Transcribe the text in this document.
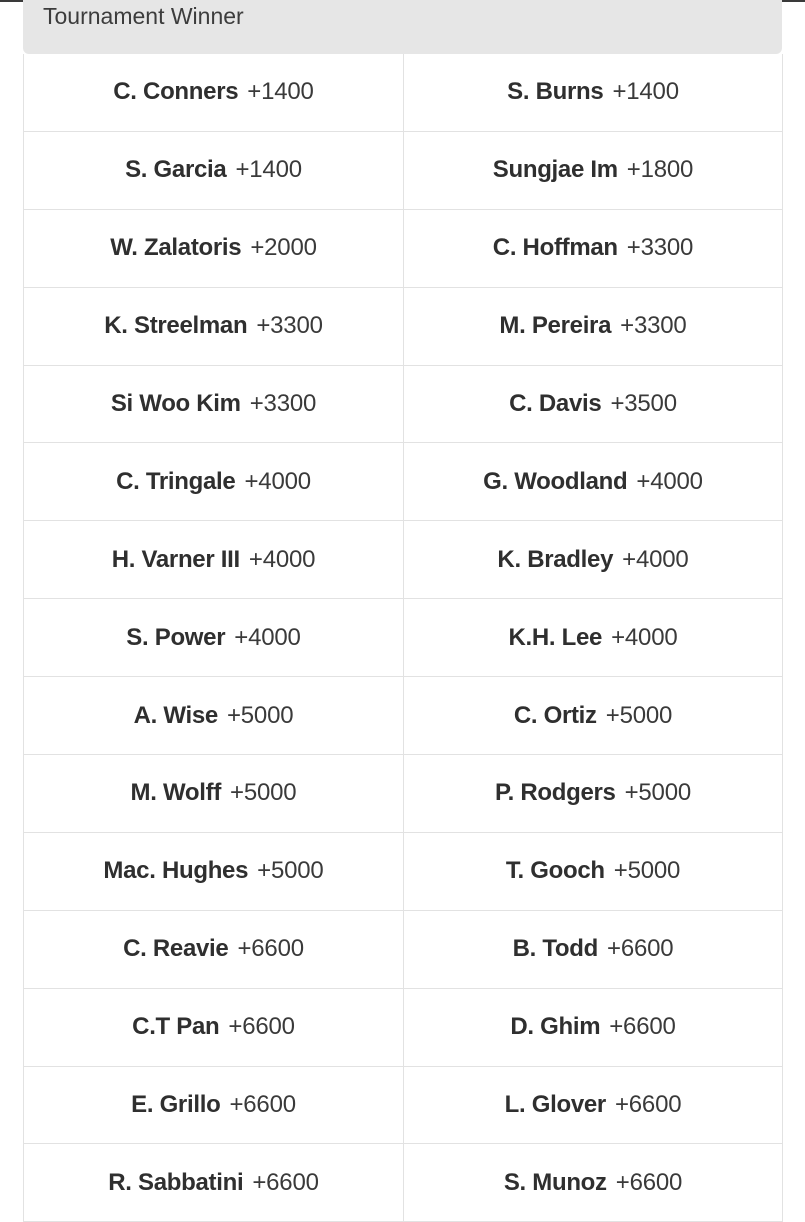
Tournament Winner
C. Conners +1400	S. Burns +1400
S. Garcia +1400	Sungjae Im +1800
W. Zalatoris +2000	C. Hoffman +3300
K. Streelman +3300	M. Pereira +3300
Si Woo Kim +3300	C. Davis +3500
C. Tringale +4000	G. Woodland +4000
H. Varner III +4000	K. Bradley +4000
S. Power +4000	K.H. Lee +4000
A. Wise +5000	C. Ortiz +5000
M. Wolff +5000	P. Rodgers +5000
Mac. Hughes +5000	T. Gooch +5000
C. Reavie +6600	B. Todd +6600
C.T Pan +6600	D. Ghim +6600
E. Grillo +6600	L. Glover +6600
R. Sabbatini +6600	S. Munoz +6600
